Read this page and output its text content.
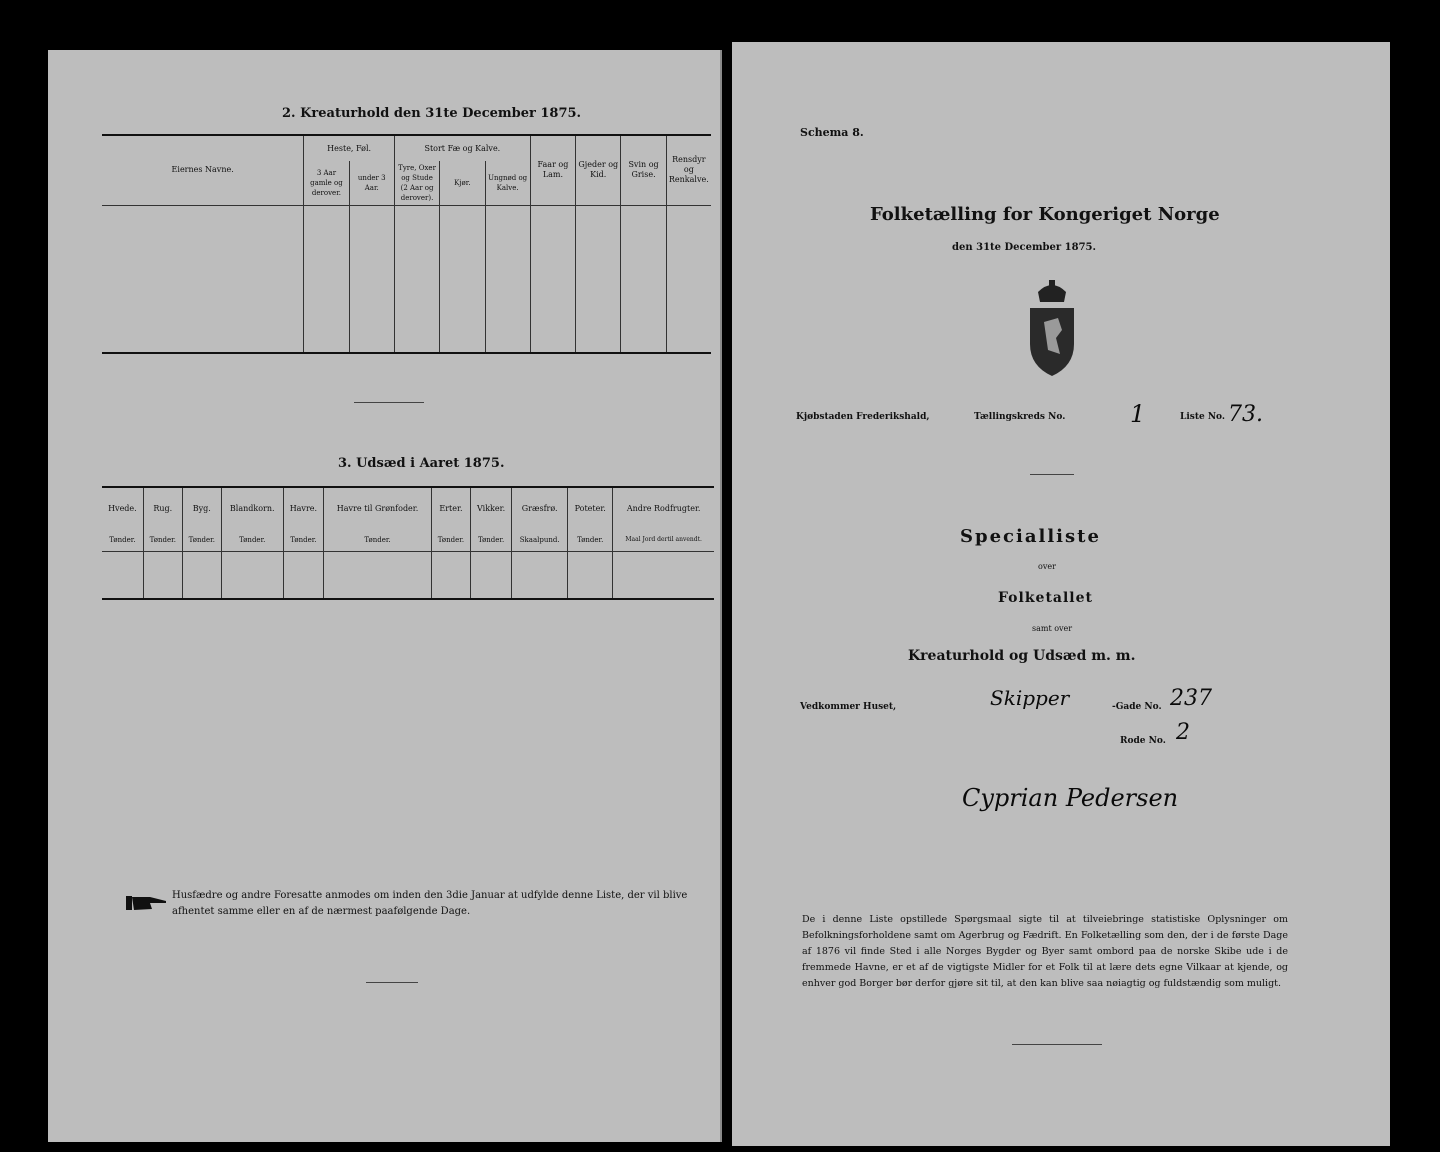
2. Kreaturhold den 31te December 1875.
Eiernes Navne.	Heste, Føl.		Stort Fæ og Kalve.			Faar og Lam.	Gjeder og Kid.	Svin og Grise.	Rensdyr og Renkalve.
	3 Aar gamle og derover.	under 3 Aar.	Tyre, Oxer og Stude (2 Aar og derover).	Kjør.	Ungnød og Kalve.				

3. Udsæd i Aaret 1875.
Hvede.	Rug.	Byg.	Blandkorn.	Havre.	Havre til Grønfoder.	Erter.	Vikker.	Græsfrø.	Poteter.	Andre Rodfrugter.
Tønder.	Tønder.	Tønder.	Tønder.	Tønder.	Tønder.	Tønder.	Tønder.	Skaalpund.	Tønder.	Maal Jord dertil anvendt.

Husfædre og andre Foresatte anmodes om inden den 3die Januar at udfylde denne Liste, der vil blive afhentet samme eller en af de nærmest paafølgende Dage.
Schema 8.
Folketælling for Kongeriget Norge
den 31te December 1875.
Kjøbstaden Frederikshald,	Tællingskreds No.	1	Liste No. 73.
Specialliste
over
Folketallet
samt over
Kreaturhold og Udsæd m. m.
Vedkommer Huset,	Skipper	-Gade No. 237
Rode No. 2
Cyprian Pedersen
De i denne Liste opstillede Spørgsmaal sigte til at tilveiebringe statistiske Oplysninger om Befolkningsforholdene samt om Agerbrug og Fædrift. En Folketælling som den, der i de første Dage af 1876 vil finde Sted i alle Norges Bygder og Byer samt ombord paa de norske Skibe ude i de fremmede Havne, er et af de vigtigste Midler for et Folk til at lære dets egne Vilkaar at kjende, og enhver god Borger bør derfor gjøre sit til, at den kan blive saa nøiagtig og fuldstændig som muligt.
